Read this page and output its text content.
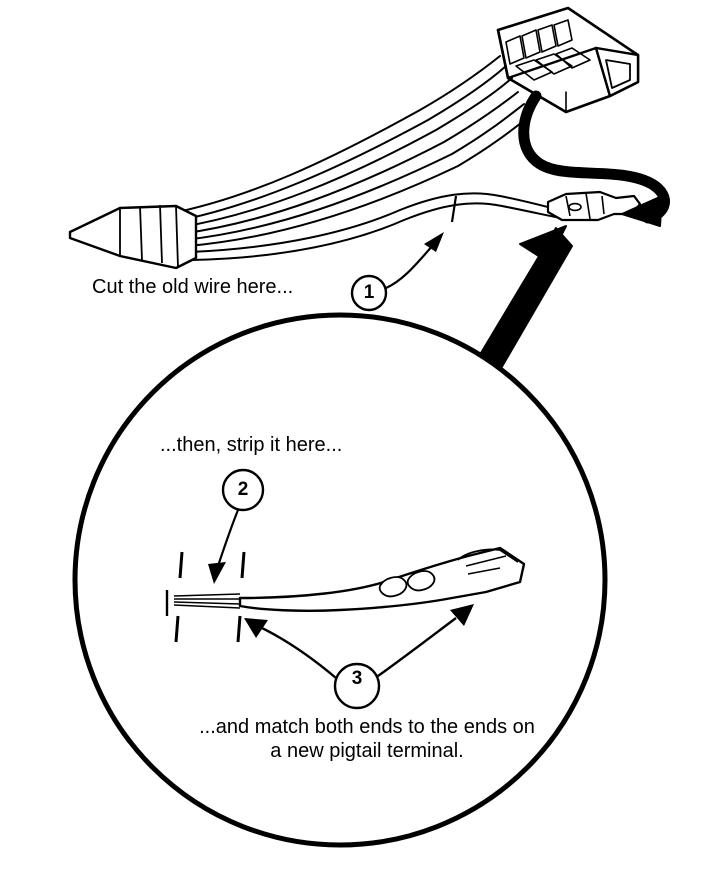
Cut the old wire here...
...then, strip it here...
...and match both ends to the ends on a new pigtail terminal.
1
2
3
